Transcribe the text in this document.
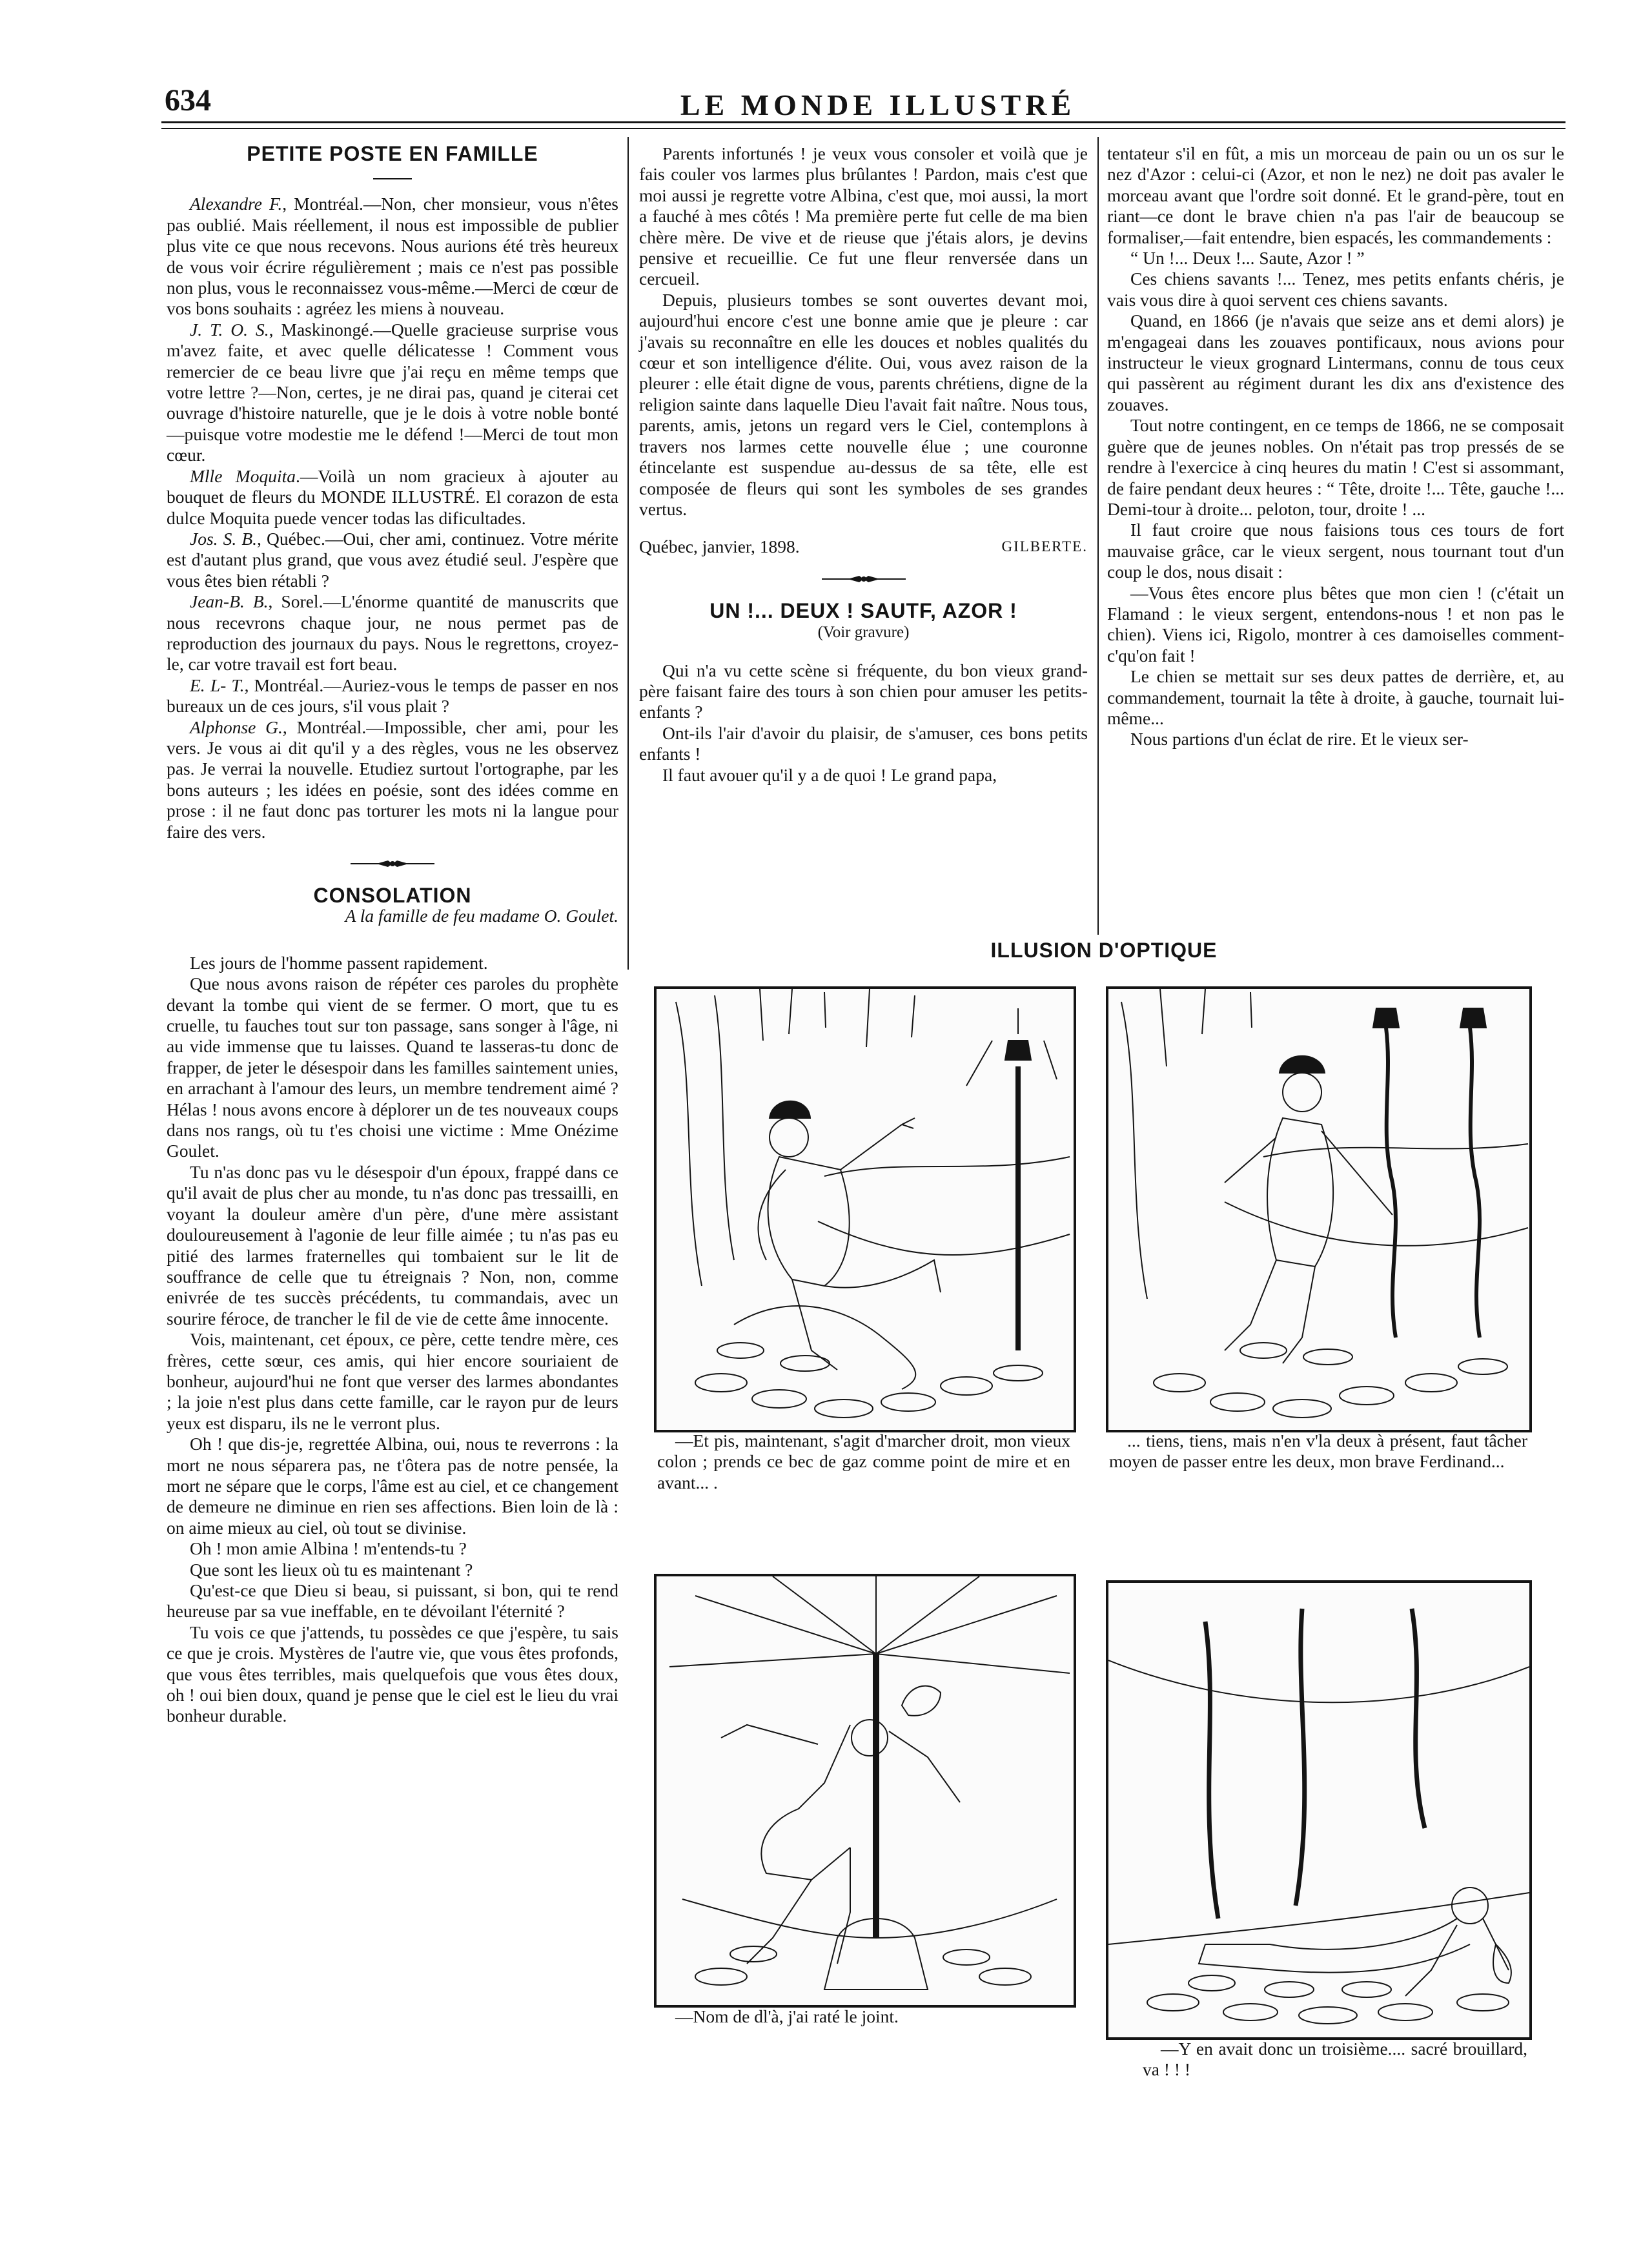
634	LE MONDE ILLUSTRÉ
PETITE POSTE EN FAMILLE

Alexandre F., Montréal.—Non, cher monsieur, vous n'êtes pas oublié. Mais réellement, il nous est impossible de publier plus vite ce que nous recevons. Nous aurions été très heureux de vous voir écrire régulièrement ; mais ce n'est pas possible non plus, vous le reconnaissez vous-même.—Merci de cœur de vos bons souhaits : agréez les miens à nouveau.

J. T. O. S., Maskinongé.—Quelle gracieuse surprise vous m'avez faite, et avec quelle délicatesse ! Comment vous remercier de ce beau livre que j'ai reçu en même temps que votre lettre ?—Non, certes, je ne dirai pas, quand je citerai cet ouvrage d'histoire naturelle, que je le dois à votre noble bonté—puisque votre modestie me le défend !—Merci de tout mon cœur.

Mlle Moquita.—Voilà un nom gracieux à ajouter au bouquet de fleurs du MONDE ILLUSTRÉ. El corazon de esta dulce Moquita puede vencer todas las dificultades.

Jos. S. B., Québec.—Oui, cher ami, continuez. Votre mérite est d'autant plus grand, que vous avez étudié seul. J'espère que vous êtes bien rétabli ?

Jean-B. B., Sorel.—L'énorme quantité de manuscrits que nous recevrons chaque jour, ne nous permet pas de reproduction des journaux du pays. Nous le regrettons, croyez-le, car votre travail est fort beau.

E. L- T., Montréal.—Auriez-vous le temps de passer en nos bureaux un de ces jours, s'il vous plait ?

Alphonse G., Montréal.—Impossible, cher ami, pour les vers. Je vous ai dit qu'il y a des règles, vous ne les observez pas. Je verrai la nouvelle. Etudiez surtout l'ortographe, par les bons auteurs ; les idées en poésie, sont des idées comme en prose : il ne faut donc pas torturer les mots ni la langue pour faire des vers.

CONSOLATION

A la famille de feu madame O. Goulet.

Les jours de l'homme passent rapidement.

Que nous avons raison de répéter ces paroles du prophète devant la tombe qui vient de se fermer. O mort, que tu es cruelle, tu fauches tout sur ton passage, sans songer à l'âge, ni au vide immense que tu laisses. Quand te lasseras-tu donc de frapper, de jeter le désespoir dans les familles saintement unies, en arrachant à l'amour des leurs, un membre tendrement aimé ? Hélas ! nous avons encore à déplorer un de tes nouveaux coups dans nos rangs, où tu t'es choisi une victime : Mme Onézime Goulet.

Tu n'as donc pas vu le désespoir d'un époux, frappé dans ce qu'il avait de plus cher au monde, tu n'as donc pas tressailli, en voyant la douleur amère d'un père, d'une mère assistant douloureusement à l'agonie de leur fille aimée ; tu n'as pas eu pitié des larmes fraternelles qui tombaient sur le lit de souffrance de celle que tu étreignais ? Non, non, comme enivrée de tes succès précédents, tu commandais, avec un sourire féroce, de trancher le fil de vie de cette âme innocente.

Vois, maintenant, cet époux, ce père, cette tendre mère, ces frères, cette sœur, ces amis, qui hier encore souriaient de bonheur, aujourd'hui ne font que verser des larmes abondantes ; la joie n'est plus dans cette famille, car le rayon pur de leurs yeux est disparu, ils ne le verront plus.

Oh ! que dis-je, regrettée Albina, oui, nous te reverrons : la mort ne nous séparera pas, ne t'ôtera pas de notre pensée, la mort ne sépare que le corps, l'âme est au ciel, et ce changement de demeure ne diminue en rien ses affections. Bien loin de là : on aime mieux au ciel, où tout se divinise.

Oh ! mon amie Albina ! m'entends-tu ?

Que sont les lieux où tu es maintenant ?

Qu'est-ce que Dieu si beau, si puissant, si bon, qui te rend heureuse par sa vue ineffable, en te dévoilant l'éternité ?

Tu vois ce que j'attends, tu possèdes ce que j'espère, tu sais ce que je crois. Mystères de l'autre vie, que vous êtes profonds, que vous êtes terribles, mais quelquefois que vous êtes doux, oh ! oui bien doux, quand je pense que le ciel est le lieu du vrai bonheur durable.

Parents infortunés ! je veux vous consoler et voilà que je fais couler vos larmes plus brûlantes ! Pardon, mais c'est que moi aussi je regrette votre Albina, c'est que, moi aussi, la mort a fauché à mes côtés ! Ma première perte fut celle de ma bien chère mère. De vive et de rieuse que j'étais alors, je devins pensive et recueillie. Ce fut une fleur renversée dans un cercueil.

Depuis, plusieurs tombes se sont ouvertes devant moi, aujourd'hui encore c'est une bonne amie que je pleure : car j'avais su reconnaître en elle les douces et nobles qualités du cœur et son intelligence d'élite. Oui, vous avez raison de la pleurer : elle était digne de vous, parents chrétiens, digne de la religion sainte dans laquelle Dieu l'avait fait naître. Nous tous, parents, amis, jetons un regard vers le Ciel, contemplons à travers nos larmes cette nouvelle élue ; une couronne étincelante est suspendue au-dessus de sa tête, elle est composée de fleurs qui sont les symboles de ses grandes vertus.

Québec, janvier, 1898.	GILBERTE.
UN !... DEUX ! SAUTF, AZOR !

(Voir gravure)

Qui n'a vu cette scène si fréquente, du bon vieux grand-père faisant faire des tours à son chien pour amuser les petits-enfants ?

Ont-ils l'air d'avoir du plaisir, de s'amuser, ces bons petits enfants !

Il faut avouer qu'il y a de quoi ! Le grand papa,

tentateur s'il en fût, a mis un morceau de pain ou un os sur le nez d'Azor : celui-ci (Azor, et non le nez) ne doit pas avaler le morceau avant que l'ordre soit donné. Et le grand-père, tout en riant—ce dont le brave chien n'a pas l'air de beaucoup se formaliser,—fait entendre, bien espacés, les commandements :

“ Un !... Deux !... Saute, Azor ! ”

Ces chiens savants !... Tenez, mes petits enfants chéris, je vais vous dire à quoi servent ces chiens savants.

Quand, en 1866 (je n'avais que seize ans et demi alors) je m'engageai dans les zouaves pontificaux, nous avions pour instructeur le vieux grognard Lintermans, connu de tous ceux qui passèrent au régiment durant les dix ans d'existence des zouaves.

Tout notre contingent, en ce temps de 1866, ne se composait guère que de jeunes nobles. On n'était pas trop pressés de se rendre à l'exercice à cinq heures du matin ! C'est si assommant, de faire pendant deux heures : “ Tête, droite !... Tête, gauche !... Demi-tour à droite... peloton, tour, droite ! ...

Il faut croire que nous faisions tous ces tours de fort mauvaise grâce, car le vieux sergent, nous tournant tout d'un coup le dos, nous disait :

—Vous êtes encore plus bêtes que mon cien ! (c'était un Flamand : le vieux sergent, entendons-nous ! et non pas le chien). Viens ici, Rigolo, montrer à ces damoiselles comment-c'qu'on fait !

Le chien se mettait sur ses deux pattes de derrière, et, au commandement, tournait la tête à droite, à gauche, tournait lui-même...

Nous partions d'un éclat de rire. Et le vieux ser-

ILLUSION D'OPTIQUE

—Et pis, maintenant, s'agit d'marcher droit, mon vieux colon ; prends ce bec de gaz comme point de mire et en avant... .

... tiens, tiens, mais n'en v'la deux à présent, faut tâcher moyen de passer entre les deux, mon brave Ferdinand...

—Nom de dl'à, j'ai raté le joint.

—Y en avait donc un troisième.... sacré brouillard, va ! ! !
